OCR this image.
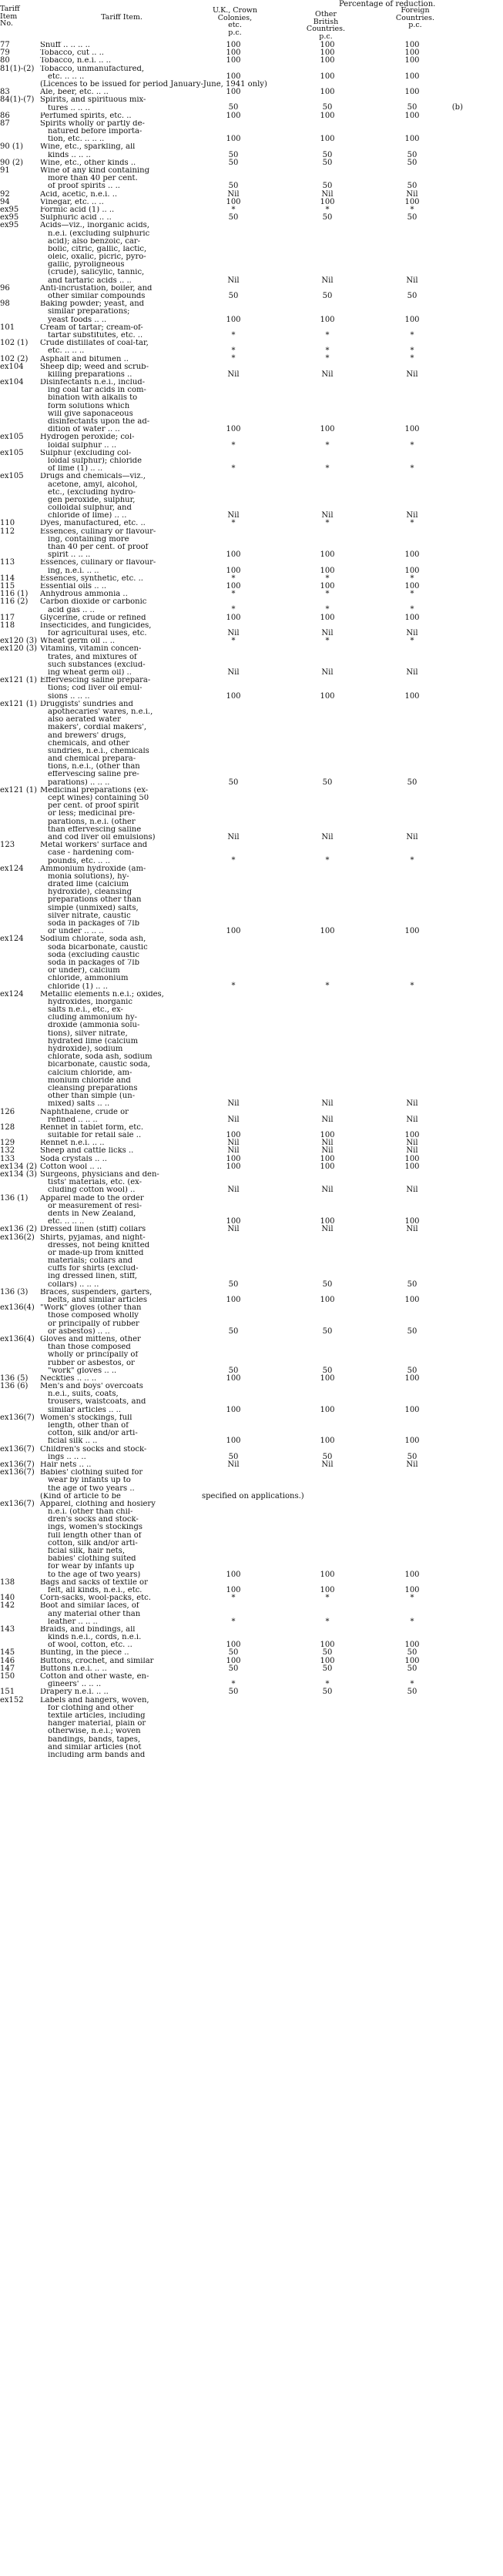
Percentage of reduction.
Tariff
Item
No.
Tariff Item.
U.K., Crown
Colonies,
etc.
p.c.
Other
British
Countries.
p.c.
Foreign
Countries.
p.c.
77	Snuff .. .. .. ..	100	100	100
79	Tobacco, cut .. ..	100	100	100
80	Tobacco, n.e.i. .. ..	100	100	100
81(1)-(2) Tobacco, unmanufactured,
etc. .. .. ..	100	100	100
(Licences to be issued for period January-June, 1941 only)
83	Ale, beer, etc. .. ..	100	100	100
84(1)-(7) Spirits, and spirituous mix-
tures .. .. ..	50	50	50	(b)
86	Perfumed spirits, etc. ..	100	100	100
87	Spirits wholly or partly de-
natured before importa-
tion, etc. .. .. ..	100	100	100
90 (1)	Wine, etc., sparkling, all
kinds .. .. ..	50	50	50
90 (2)	Wine, etc., other kinds ..	50	50	50
91	Wine of any kind containing
more than 40 per cent.
of proof spirits .. ..	50	50	50
92	Acid, acetic, n.e.i. ..	Nil	Nil	Nil
94	Vinegar, etc. .. ..	100	100	100
ex95	Formic acid (1) .. ..	*	*	*
ex95	Sulphuric acid .. ..	50	50	50
ex95	Acids—viz., inorganic acids,
n.e.i. (excluding sulphuric
acid); also benzoic, car-
bolic, citric, gallic, lactic,
oleic, oxalic, picric, pyro-
gallic, pyroligneous
(crude), salicylic, tannic,
and tartaric acids .. ..	Nil	Nil	Nil
96	Anti-incrustation, boiler, and
other similar compounds	50	50	50
98	Baking powder; yeast, and
similar preparations;
yeast foods .. ..	100	100	100
101	Cream of tartar; cream-of-
tartar substitutes, etc. ..	*	*	*
102 (1)	Crude distillates of coal-tar,
etc. .. .. ..	*	*	*
102 (2)	Asphalt and bitumen ..	*	*	*
ex104	Sheep dip; weed and scrub-
killing preparations ..	Nil	Nil	Nil
ex104	Disinfectants n.e.i., includ-
ing coal tar acids in com-
bination with alkalis to
form solutions which
will give saponaceous
disinfectants upon the ad-
dition of water .. ..	100	100	100
ex105	Hydrogen peroxide; col-
loidal sulphur .. ..	*	*	*
ex105	Sulphur (excluding col-
loidal sulphur); chloride
of lime (1) .. ..	*	*	*
ex105	Drugs and chemicals—viz.,
acetone, amyl, alcohol,
etc., (excluding hydro-
gen peroxide, sulphur,
colloidal sulphur, and
chloride of lime) .. ..	Nil	Nil	Nil
110	Dyes, manufactured, etc. ..	*	*	*
112	Essences, culinary or flavour-
ing, containing more
than 40 per cent. of proof
spirit .. .. ..	100	100	100
113	Essences, culinary or flavour-
ing, n.e.i. .. ..	100	100	100
114	Essences, synthetic, etc. ..	*	*	*
115	Essential oils .. ..	100	100	100
116 (1)	Anhydrous ammonia ..	*	*	*
116 (2)	Carbon dioxide or carbonic
acid gas .. ..	*	*	*
117	Glycerine, crude or refined	100	100	100
118	Insecticides, and fungicides,
for agricultural uses, etc.	Nil	Nil	Nil
ex120 (3) Wheat germ oil .. ..	*	*	*
ex120 (3) Vitamins, vitamin concen-
trates, and mixtures of
such substances (exclud-
ing wheat germ oil) ..	Nil	Nil	Nil
ex121 (1) Effervescing saline prepara-
tions; cod liver oil emul-
sions .. .. ..	100	100	100
ex121 (1) Druggists' sundries and
apothecaries' wares, n.e.i.,
also aerated water
makers', cordial makers',
and brewers' drugs,
chemicals, and other
sundries, n.e.i., chemicals
and chemical prepara-
tions, n.e.i., (other than
effervescing saline pre-
parations) .. .. ..	50	50	50
ex121 (1) Medicinal preparations (ex-
cept wines) containing 50
per cent. of proof spirit
or less; medicinal pre-
parations, n.e.i. (other
than effervescing saline
and cod liver oil emulsions)	Nil	Nil	Nil
123	Metal workers' surface and
case - hardening com-
pounds, etc. .. ..	*	*	*
ex124	Ammonium hydroxide (am-
monia solutions), hy-
drated lime (calcium
hydroxide), cleansing
preparations other than
simple (unmixed) salts,
silver nitrate, caustic
soda in packages of 7lb
or under .. .. ..	100	100	100
ex124	Sodium chlorate, soda ash,
soda bicarbonate, caustic
soda (excluding caustic
soda in packages of 7lb
or under), calcium
chloride, ammonium
chloride (1) .. ..	*	*	*
ex124	Metallic elements n.e.i.; oxides,
hydroxides, inorganic
salts n.e.i., etc., ex-
cluding ammonium hy-
droxide (ammonia solu-
tions), silver nitrate,
hydrated lime (calcium
hydroxide), sodium
chlorate, soda ash, sodium
bicarbonate, caustic soda,
calcium chloride, am-
monium chloride and
cleansing preparations
other than simple (un-
mixed) salts .. ..	Nil	Nil	Nil
126	Naphthalene, crude or
refined .. .. ..	Nil	Nil	Nil
128	Rennet in tablet form, etc.
suitable for retail sale ..	100	100	100
129	Rennet n.e.i. .. ..	Nil	Nil	Nil
132	Sheep and cattle licks ..	Nil	Nil	Nil
133	Soda crystals .. ..	100	100	100
ex134 (2) Cotton wool .. ..	100	100	100
ex134 (3) Surgeons, physicians and den-
tists' materials, etc. (ex-
cluding cotton wool) ..	Nil	Nil	Nil
136 (1)	Apparel made to the order
or measurement of resi-
dents in New Zealand,
etc. .. .. ..	100	100	100
ex136 (2) Dressed linen (stiff) collars	Nil	Nil	Nil
ex136(2) Shirts, pyjamas, and night-
dresses, not being knitted
or made-up from knitted
materials; collars and
cuffs for shirts (exclud-
ing dressed linen, stiff,
collars) .. .. ..	50	50	50
136 (3)	Braces, suspenders, garters,
belts, and similar articles	100	100	100
ex136(4) "Work" gloves (other than
those composed wholly
or principally of rubber
or asbestos) .. ..	50	50	50
ex136(4) Gloves and mittens, other
than those composed
wholly or principally of
rubber or asbestos, or
"work" gloves .. ..	50	50	50
136 (5)	Neckties .. .. ..	100	100	100
136 (6)	Men's and boys' overcoats
n.e.i., suits, coats,
trousers, waistcoats, and
similar articles .. ..	100	100	100
ex136(7) Women's stockings, full
length, other than of
cotton, silk and/or arti-
ficial silk .. ..	100	100	100
ex136(7) Children's socks and stock-
ings .. .. ..	50	50	50
ex136(7) Hair nets .. ..	Nil	Nil	Nil
ex136(7) Babies' clothing suited for
wear by infants up to
the age of two years ..
(Kind of article to be	specified on applications.)
ex136(7) Apparel, clothing and hosiery
n.e.i. (other than chil-
dren's socks and stock-
ings, women's stockings
full length other than of
cotton, silk and/or arti-
ficial silk, hair nets,
babies' clothing suited
for wear by infants up
to the age of two years)	100	100	100
138	Bags and sacks of textile or
felt, all kinds, n.e.i., etc.	100	100	100
140	Corn-sacks, wool-packs, etc.	*	*	*
142	Boot and similar laces, of
any material other than
leather .. .. ..	*	*	*
143	Braids, and bindings, all
kinds n.e.i., cords, n.e.i.
of wool, cotton, etc. ..	100	100	100
145	Bunting, in the piece ..	50	50	50
146	Buttons, crochet, and similar	100	100	100
147	Buttons n.e.i. .. ..	50	50	50
150	Cotton and other waste, en-
gineers' .. .. ..	*	*	*
151	Drapery n.e.i. .. ..	50	50	50
ex152	Labels and hangers, woven,
for clothing and other
textile articles, including
hanger material, plain or
otherwise, n.e.i.; woven
bandings, bands, tapes,
and similar articles (not
including arm bands and
